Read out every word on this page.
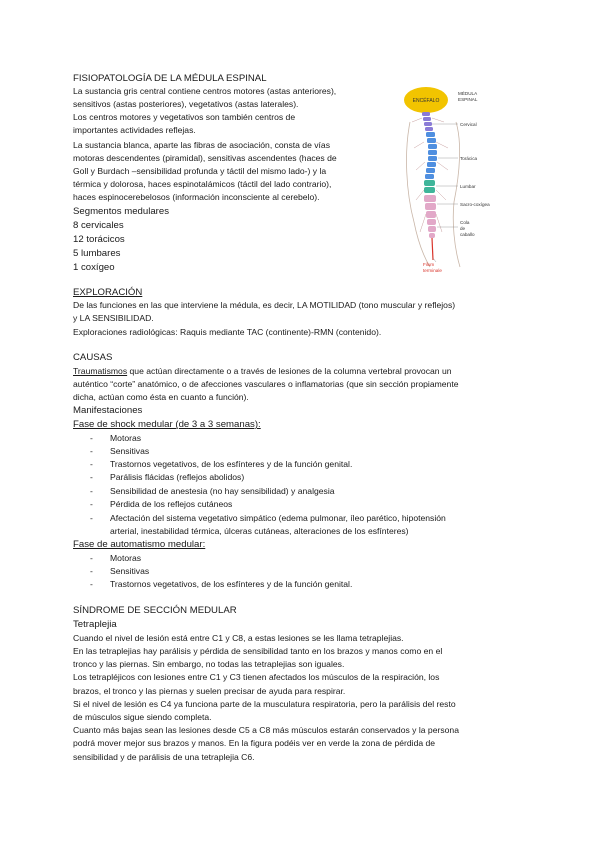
FISIOPATOLOGÍA DE LA MÉDULA ESPINAL
La sustancia gris central contiene centros motores (astas anteriores),
sensitivos (astas posteriores), vegetativos (astas laterales).
Los centros motores y vegetativos son también centros de
importantes actividades reflejas.
La sustancia blanca, aparte las fibras de asociación, consta de vías
motoras descendentes (piramidal), sensitivas ascendentes (haces de
Goll y Burdach –sensibilidad profunda y táctil del mismo lado-) y la
térmica y dolorosa, haces espinotalámicos (táctil del lado contrario),
haces espinocerebelosos (información inconsciente al cerebelo).
Segmentos medulares
8 cervicales
12 torácicos
5 lumbares
1 coxígeo
ENCÉFALO
MÉDULA
ESPINAL
Cervical
Torácica
Lumbar
Sacro-coxígea
Cola
de
caballo
Filum
terminale
EXPLORACIÓN
De las funciones en las que interviene la médula, es decir, LA MOTILIDAD (tono muscular y reflejos)
y LA SENSIBILIDAD.
Exploraciones radiológicas: Raquis mediante TAC (continente)-RMN (contenido).
CAUSAS
Traumatismos que actúan directamente o a través de lesiones de la columna vertebral provocan un
auténtico “corte” anatómico, o de afecciones vasculares o inflamatorias (que sin sección propiamente
dicha, actúan como ésta en cuanto a función).
Manifestaciones
Fase de shock medular (de 3 a 3 semanas):
- Motoras
- Sensitivas
- Trastornos vegetativos, de los esfínteres y de la función genital.
- Parálisis flácidas (reflejos abolidos)
- Sensibilidad de anestesia (no hay sensibilidad) y analgesia
- Pérdida de los reflejos cutáneos
- Afectación del sistema vegetativo simpático (edema pulmonar, íleo parético, hipotensión
arterial, inestabilidad térmica, úlceras cutáneas, alteraciones de los esfínteres)
Fase de automatismo medular:
- Motoras
- Sensitivas
- Trastornos vegetativos, de los esfínteres y de la función genital.
SÍNDROME DE SECCIÓN MEDULAR
Tetraplejia
Cuando el nivel de lesión está entre C1 y C8, a estas lesiones se les llama tetraplejias.
En las tetraplejias hay parálisis y pérdida de sensibilidad tanto en los brazos y manos como en el
tronco y las piernas. Sin embargo, no todas las tetraplejias son iguales.
Los tetrapléjicos con lesiones entre C1 y C3 tienen afectados los músculos de la respiración, los
brazos, el tronco y las piernas y suelen precisar de ayuda para respirar.
Si el nivel de lesión es C4 ya funciona parte de la musculatura respiratoria, pero la parálisis del resto
de músculos sigue siendo completa.
Cuanto más bajas sean las lesiones desde C5 a C8 más músculos estarán conservados y la persona
podrá mover mejor sus brazos y manos. En la figura podéis ver en verde la zona de pérdida de
sensibilidad y de parálisis de una tetraplejia C6.
